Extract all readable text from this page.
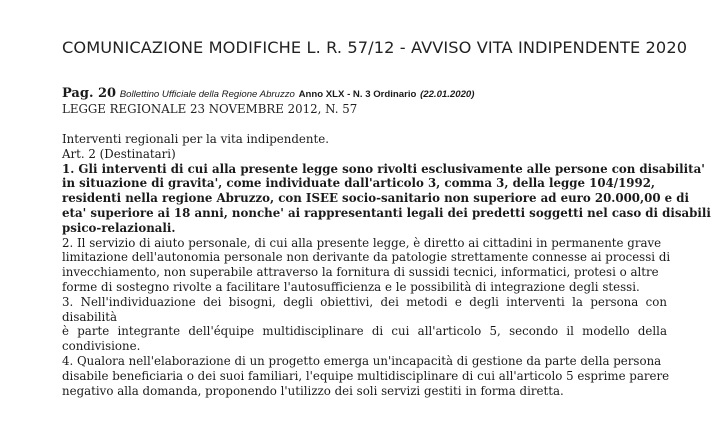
COMUNICAZIONE MODIFICHE L. R. 57/12 - AVVISO VITA INDIPENDENTE 2020
Pag. 20 Bollettino Ufficiale della Regione Abruzzo Anno XLX - N. 3 Ordinario (22.01.2020)
LEGGE REGIONALE 23 NOVEMBRE 2012, N. 57
Interventi regionali per la vita indipendente.
Art. 2 (Destinatari)
1. Gli interventi di cui alla presente legge sono rivolti esclusivamente alle persone con disabilita'
in situazione di gravita', come individuate dall'articolo 3, comma 3, della legge 104/1992,
residenti nella regione Abruzzo, con ISEE socio-sanitario non superiore ad euro 20.000,00 e di
eta' superiore ai 18 anni, nonche' ai rappresentanti legali dei predetti soggetti nel caso di disabili
psico-relazionali.
2. Il servizio di aiuto personale, di cui alla presente legge, è diretto ai cittadini in permanente grave
limitazione dell'autonomia personale non derivante da patologie strettamente connesse ai processi di
invecchiamento, non superabile attraverso la fornitura di sussidi tecnici, informatici, protesi o altre
forme di sostegno rivolte a facilitare l'autosufficienza e le possibilità di integrazione degli stessi.
3. Nell'individuazione dei bisogni, degli obiettivi, dei metodi e degli interventi la persona con disabilità
è parte integrante dell'équipe multidisciplinare di cui all'articolo 5, secondo il modello della
condivisione.
4. Qualora nell'elaborazione di un progetto emerga un'incapacità di gestione da parte della persona
disabile beneficiaria o dei suoi familiari, l'equipe multidisciplinare di cui all'articolo 5 esprime parere
negativo alla domanda, proponendo l'utilizzo dei soli servizi gestiti in forma diretta.
